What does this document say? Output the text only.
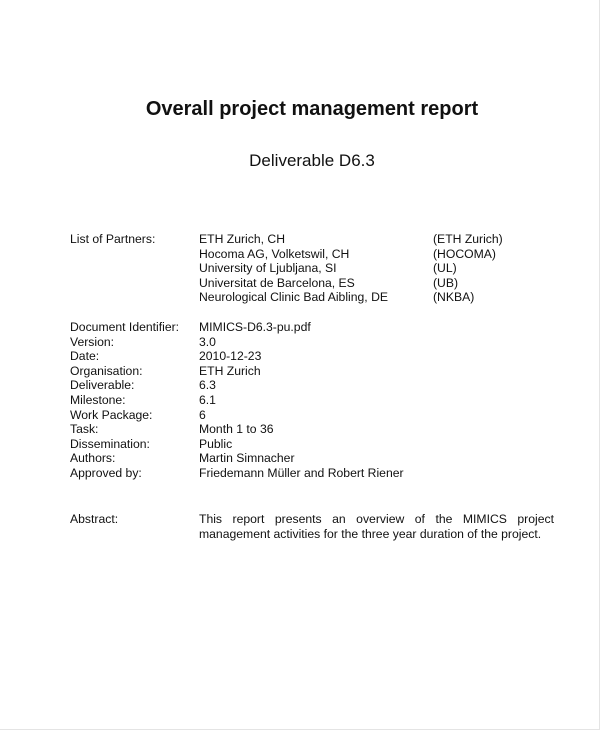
Overall project management report
Deliverable D6.3
List of Partners:	ETH Zurich, CH
Hocoma AG, Volketswil, CH
University of Ljubljana, SI
Universitat de Barcelona, ES
Neurological Clinic Bad Aibling, DE
(ETH Zurich)
(HOCOMA)
(UL)
(UB)
(NKBA)
Document Identifier:
Version:
Date:
Organisation:
Deliverable:
Milestone:
Work Package:
Task:
Dissemination:
Authors:
Approved by:
MIMICS-D6.3-pu.pdf
3.0
2010-12-23
ETH Zurich
6.3
6.1
6
Month 1 to 36
Public
Martin Simnacher
Friedemann Müller and Robert Riener
Abstract:	This report presents an overview of the MIMICS project management activities for the three year duration of the project.
